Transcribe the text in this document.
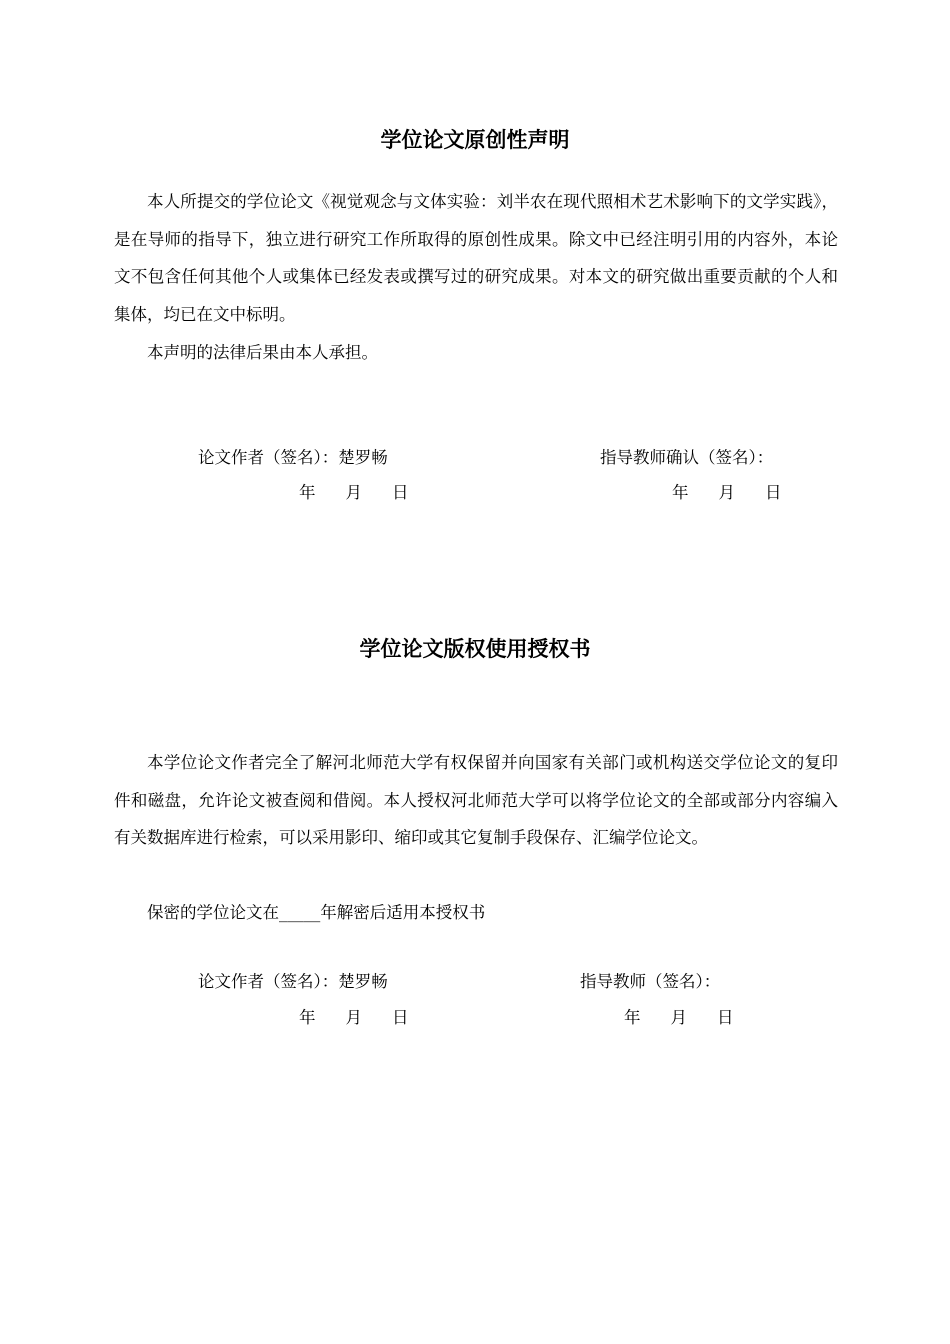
学位论文原创性声明

本人所提交的学位论文《视觉观念与文体实验：刘半农在现代照相术艺术影响下的文学实践》，是在导师的指导下，独立进行研究工作所取得的原创性成果。除文中已经注明引用的内容外，本论文不包含任何其他个人或集体已经发表或撰写过的研究成果。对本文的研究做出重要贡献的个人和集体，均已在文中标明。

本声明的法律后果由本人承担。

论文作者（签名）：楚罗畅	指导教师确认（签名）：
年 月 日	年 月 日
学位论文版权使用授权书

本学位论文作者完全了解河北师范大学有权保留并向国家有关部门或机构送交学位论文的复印件和磁盘，允许论文被查阅和借阅。本人授权河北师范大学可以将学位论文的全部或部分内容编入有关数据库进行检索，可以采用影印、缩印或其它复制手段保存、汇编学位论文。

保密的学位论文在_____年解密后适用本授权书

论文作者（签名）：楚罗畅	指导教师（签名）：
年 月 日	年 月 日
